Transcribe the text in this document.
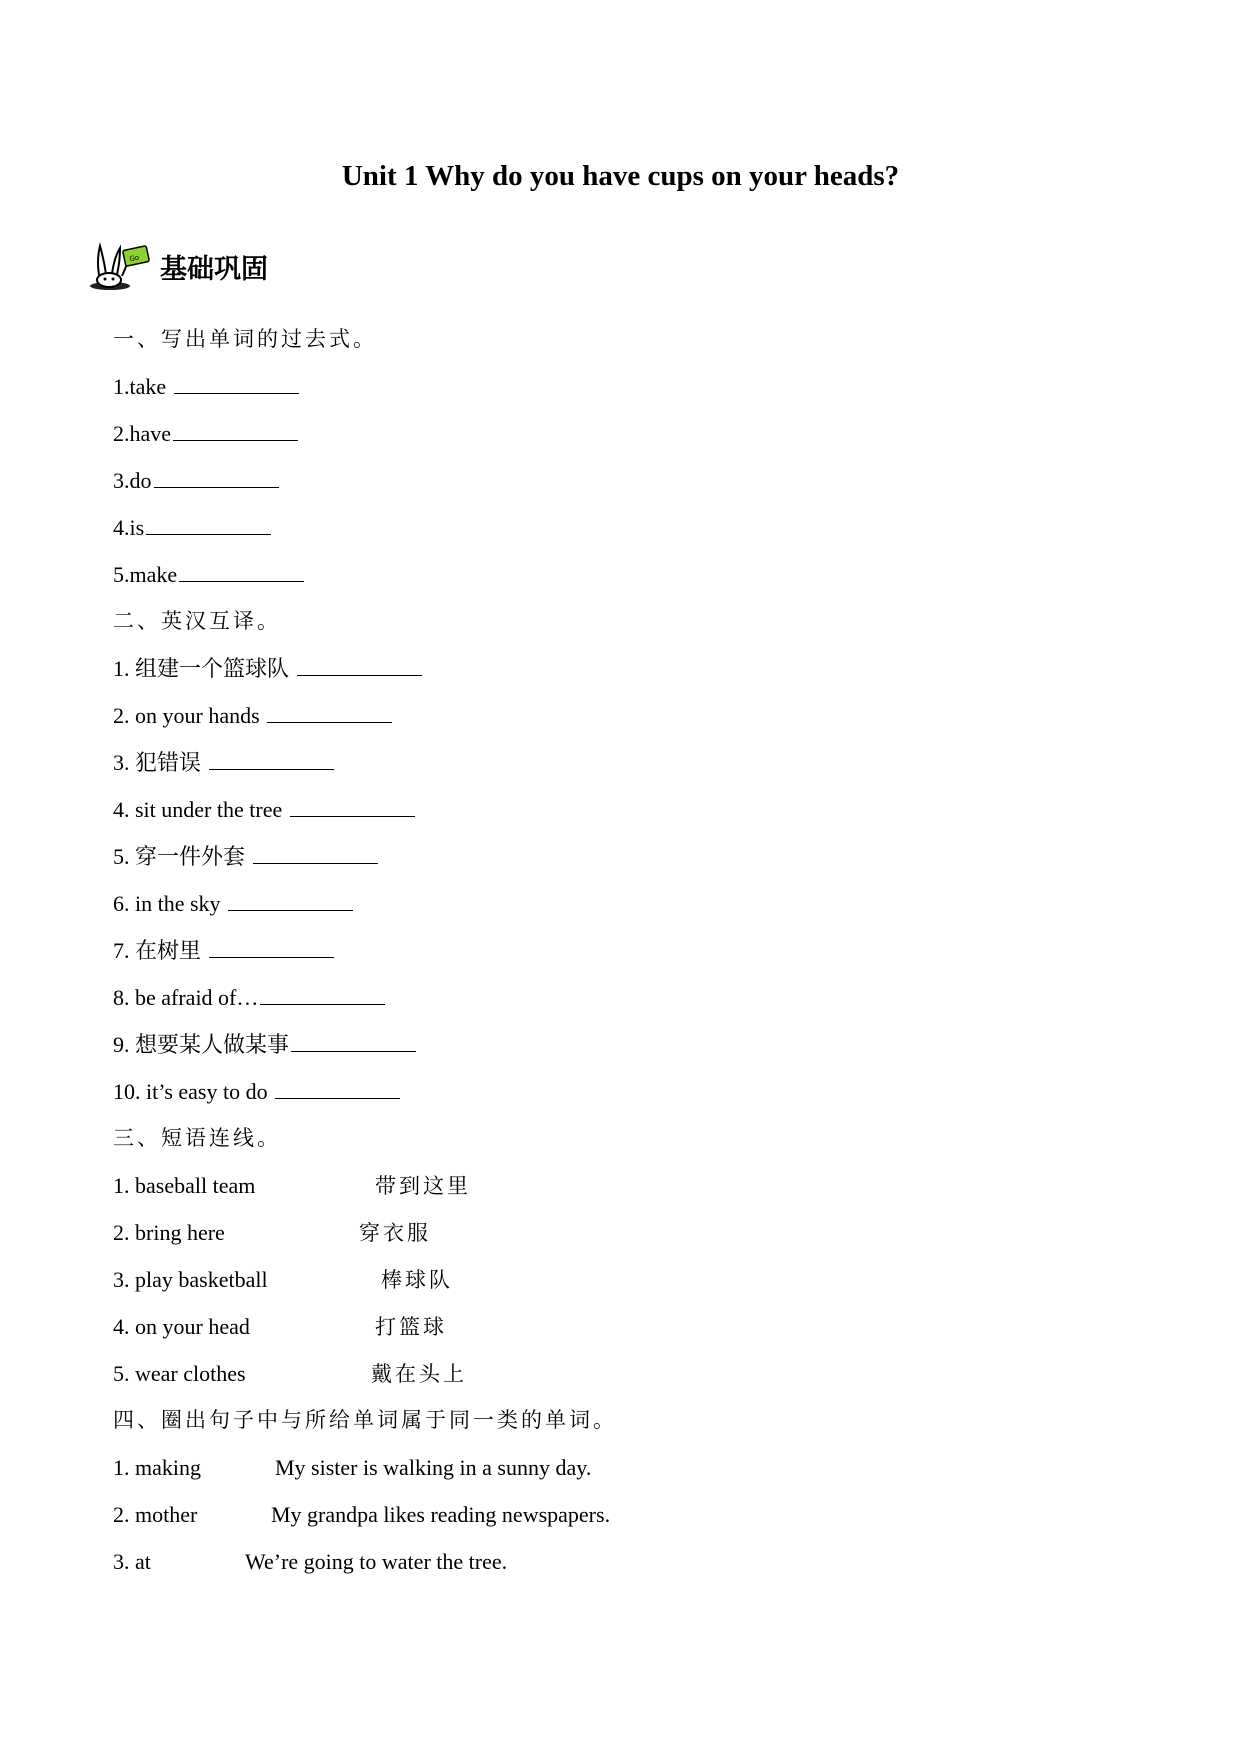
Unit 1 Why do you have cups on your heads?
Go 基础巩固
一、写出单词的过去式。
1.take
2.have
3.do
4.is
5.make
二、英汉互译。
1. 组建一个篮球队
2. on your hands
3. 犯错误
4. sit under the tree
5. 穿一件外套
6. in the sky
7. 在树里
8. be afraid of…
9. 想要某人做某事
10. it’s easy to do
三、短语连线。
1. baseball team	带到这里
2. bring here	穿衣服
3. play basketball	棒球队
4. on your head	打篮球
5. wear clothes	戴在头上
四、圈出句子中与所给单词属于同一类的单词。
1. making	My sister is walking in a sunny day.
2. mother	My grandpa likes reading newspapers.
3. at	We’re going to water the tree.
